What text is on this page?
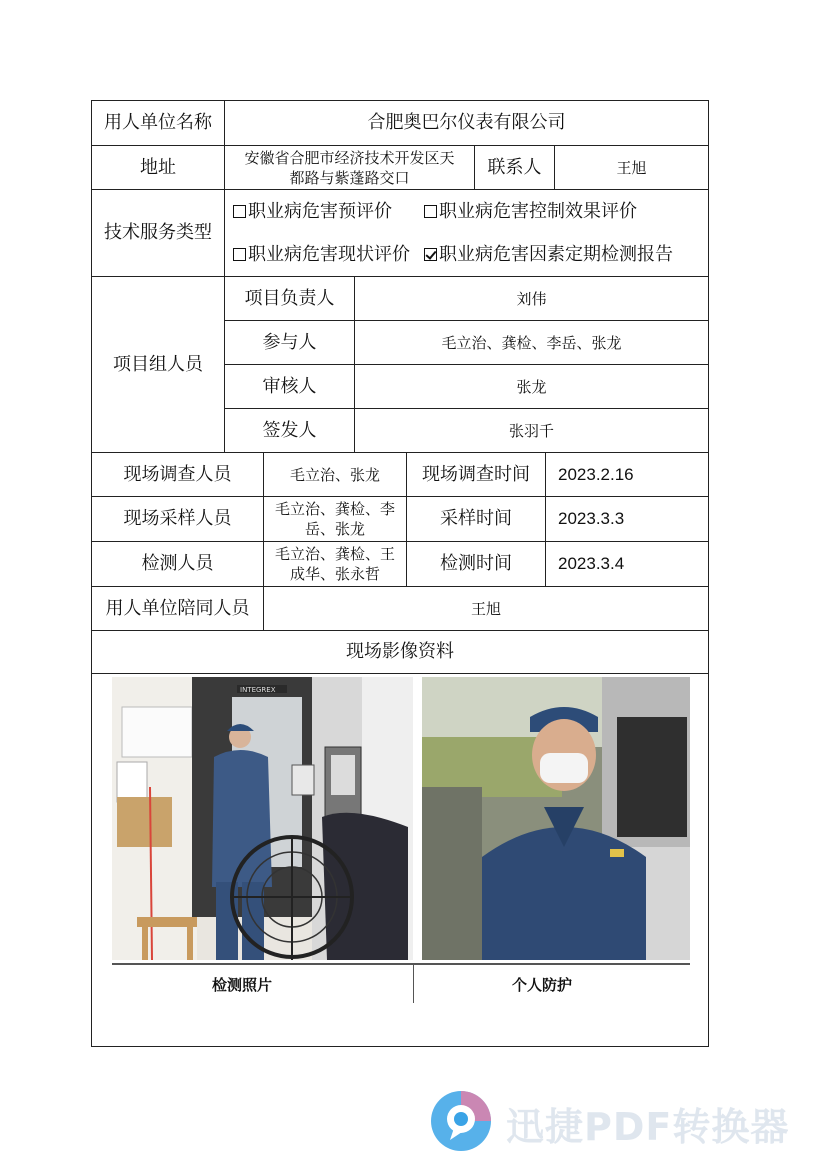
用人单位名称	合肥奥巴尔仪表有限公司
地址	安徽省合肥市经济技术开发区天
都路与紫蓬路交口	联系人	王旭
技术服务类型
职业病危害预评价	职业病危害控制效果评价
职业病危害现状评价	职业病危害因素定期检测报告
项目组人员
项目负责人	刘伟
参与人	毛立治、龚检、李岳、张龙
审核人	张龙
签发人	张羽千
现场调查人员	毛立治、张龙	现场调查时间	2023.2.16
现场采样人员	毛立治、龚检、李
岳、张龙	采样时间	2023.3.3
检测人员	毛立治、龚检、王
成华、张永哲	检测时间	2023.3.4
用人单位陪同人员	王旭
现场影像资料
INTEGREX
检测照片	个人防护
迅捷PDF转换器
